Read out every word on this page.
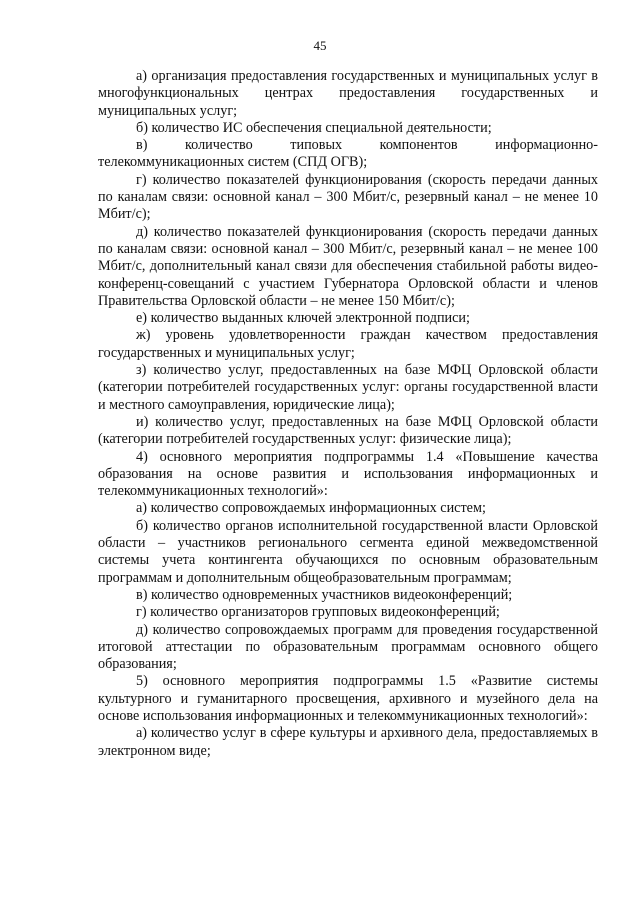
45

а) организация предоставления государственных и муниципальных услуг в многофункциональных центрах предоставления государственных и муниципальных услуг;

б) количество ИС обеспечения специальной деятельности;

в) количество типовых компонентов информационно-телекоммуникационных систем (СПД ОГВ);

г) количество показателей функционирования (скорость передачи данных по каналам связи: основной канал – 300 Мбит/с, резервный канал – не менее 10 Мбит/с);

д) количество показателей функционирования (скорость передачи данных по каналам связи: основной канал – 300 Мбит/с, резервный канал – не менее 100 Мбит/с, дополнительный канал связи для обеспечения стабильной работы видео-конференц-совещаний с участием Губернатора Орловской области и членов Правительства Орловской области – не менее 150 Мбит/с);

е) количество выданных ключей электронной подписи;

ж) уровень удовлетворенности граждан качеством предоставления государственных и муниципальных услуг;

з) количество услуг, предоставленных на базе МФЦ Орловской области (категории потребителей государственных услуг: органы государственной власти и местного самоуправления, юридические лица);

и) количество услуг, предоставленных на базе МФЦ Орловской области (категории потребителей государственных услуг: физические лица);

4) основного мероприятия подпрограммы 1.4 «Повышение качества образования на основе развития и использования информационных и телекоммуникационных технологий»:

а) количество сопровождаемых информационных систем;

б) количество органов исполнительной государственной власти Орловской области – участников регионального сегмента единой межведомственной системы учета контингента обучающихся по основным образовательным программам и дополнительным общеобразовательным программам;

в) количество одновременных участников видеоконференций;

г) количество организаторов групповых видеоконференций;

д) количество сопровождаемых программ для проведения государственной итоговой аттестации по образовательным программам основного общего образования;

5) основного мероприятия подпрограммы 1.5 «Развитие системы культурного и гуманитарного просвещения, архивного и музейного дела на основе использования информационных и телекоммуникационных технологий»:

а) количество услуг в сфере культуры и архивного дела, предоставляемых в электронном виде;
